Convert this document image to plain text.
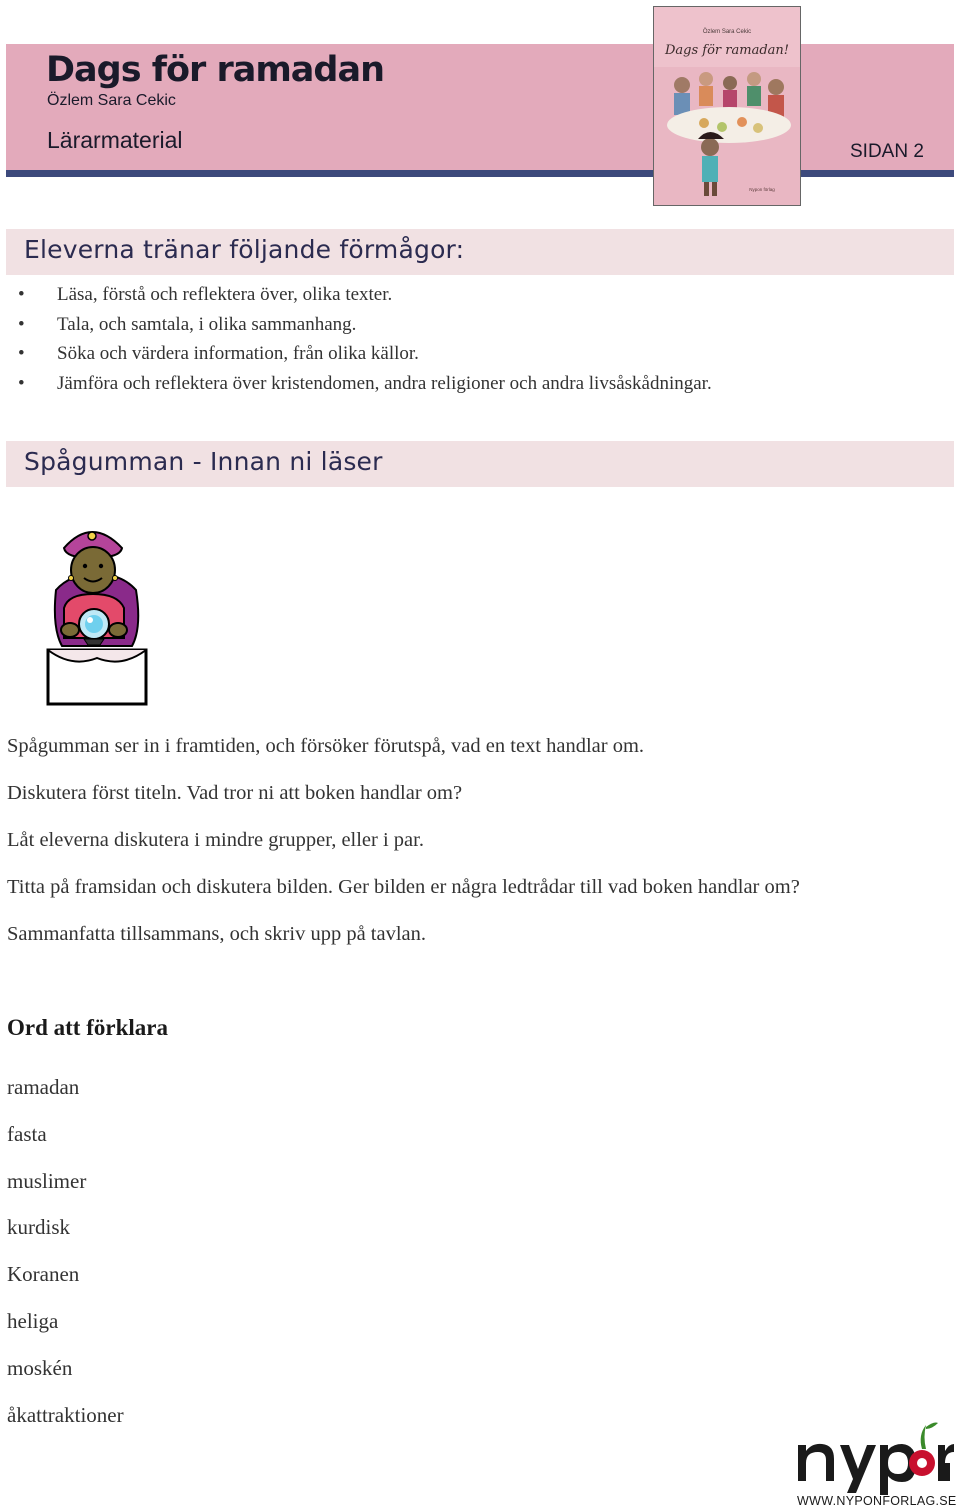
Dags för ramadan
Özlem Sara Cekic
Lärarmaterial	SIDAN 2
Özlem Sara Cekic
Dags för ramadan!
Nypon förlag
Eleverna tränar följande förmågor:
• Läsa, förstå och reflektera över, olika texter.
• Tala, och samtala, i olika sammanhang.
• Söka och värdera information, från olika källor.
• Jämföra och reflektera över kristendomen, andra religioner och andra livsåskådningar.
Spågumman - Innan ni läser

Spågumman ser in i framtiden, och försöker förutspå, vad en text handlar om.

Diskutera först titeln. Vad tror ni att boken handlar om?

Låt eleverna diskutera i mindre grupper, eller i par.

Titta på framsidan och diskutera bilden. Ger bilden er några ledtrådar till vad boken handlar om?

Sammanfatta tillsammans, och skriv upp på tavlan.

Ord att förklara
ramadan
fasta
muslimer
kurdisk
Koranen
heliga
moskén
åkattraktioner
WWW.NYPONFORLAG.SE
